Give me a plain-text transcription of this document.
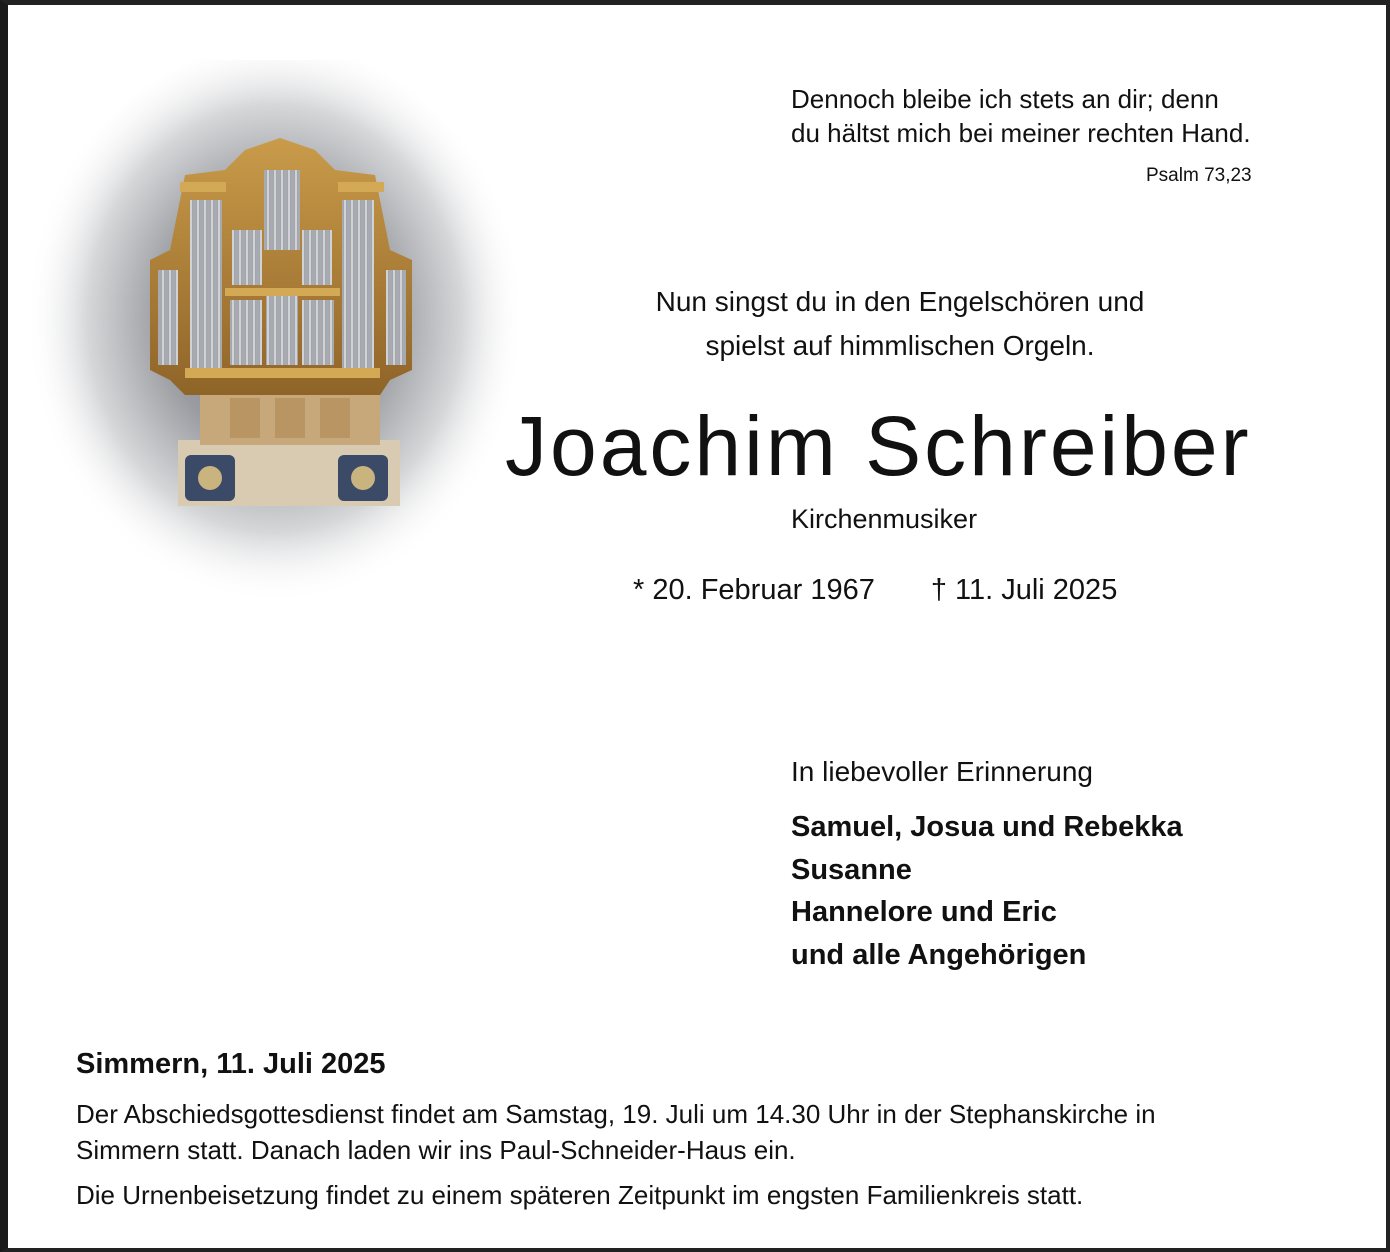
Dennoch bleibe ich stets an dir; denn
du hältst mich bei meiner rechten Hand.
Psalm 73,23
Nun singst du in den Engelschören und
spielst auf himmlischen Orgeln.
Joachim Schreiber
Kirchenmusiker
* 20. Februar 1967 † 11. Juli 2025
In liebevoller Erinnerung
Samuel, Josua und Rebekka
Susanne
Hannelore und Eric
und alle Angehörigen
Simmern, 11. Juli 2025
Der Abschiedsgottesdienst findet am Samstag, 19. Juli um 14.30 Uhr in der Stephanskirche in
Simmern statt. Danach laden wir ins Paul-Schneider-Haus ein.
Die Urnenbeisetzung findet zu einem späteren Zeitpunkt im engsten Familienkreis statt.
